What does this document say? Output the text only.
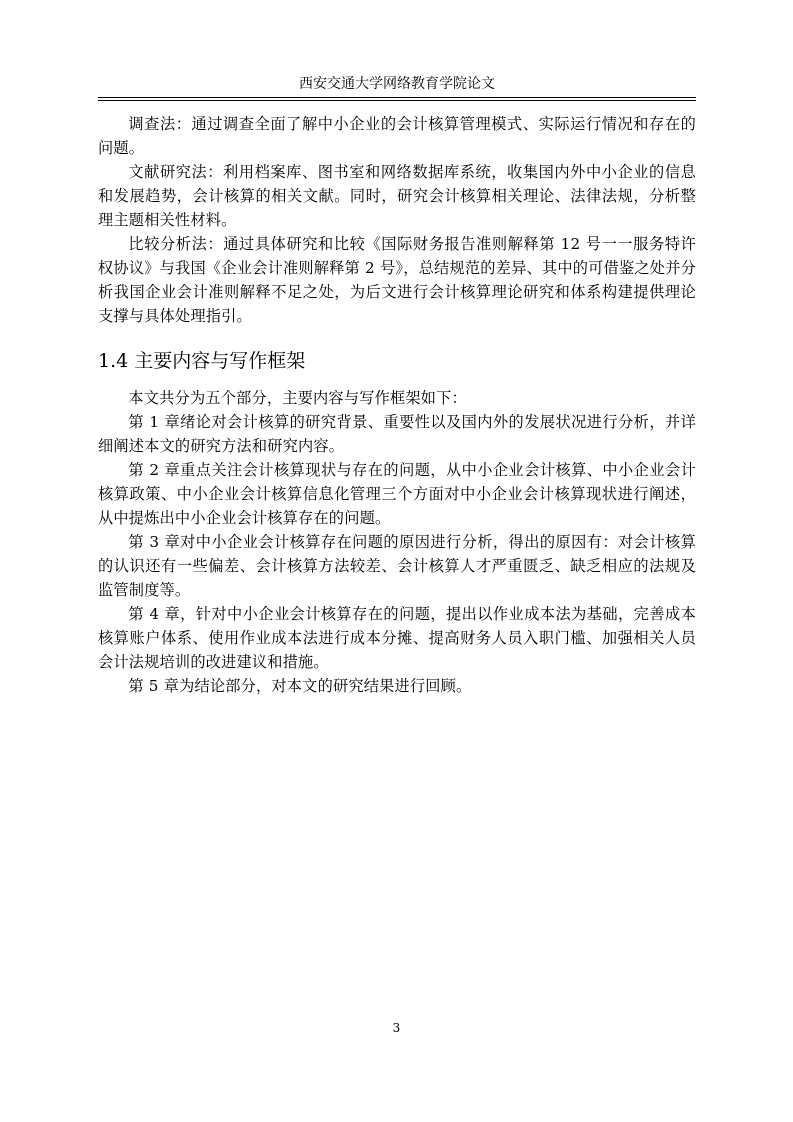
西安交通大学网络教育学院论文

调查法：通过调查全面了解中小企业的会计核算管理模式、实际运行情况和存在的问题。

文献研究法：利用档案库、图书室和网络数据库系统，收集国内外中小企业的信息和发展趋势，会计核算的相关文献。同时，研究会计核算相关理论、法律法规，分析整理主题相关性材料。

比较分析法：通过具体研究和比较《国际财务报告准则解释第 12 号一一服务特许权协议》与我国《企业会计准则解释第 2 号》，总结规范的差异、其中的可借鉴之处并分析我国企业会计准则解释不足之处，为后文进行会计核算理论研究和体系构建提供理论支撑与具体处理指引。

1.4 主要内容与写作框架

本文共分为五个部分，主要内容与写作框架如下：

第 1 章绪论对会计核算的研究背景、重要性以及国内外的发展状况进行分析，并详细阐述本文的研究方法和研究内容。

第 2 章重点关注会计核算现状与存在的问题，从中小企业会计核算、中小企业会计核算政策、中小企业会计核算信息化管理三个方面对中小企业会计核算现状进行阐述，从中提炼出中小企业会计核算存在的问题。

第 3 章对中小企业会计核算存在问题的原因进行分析，得出的原因有：对会计核算的认识还有一些偏差、会计核算方法较差、会计核算人才严重匮乏、缺乏相应的法规及监管制度等。

第 4 章，针对中小企业会计核算存在的问题，提出以作业成本法为基础，完善成本核算账户体系、使用作业成本法进行成本分摊、提高财务人员入职门槛、加强相关人员会计法规培训的改进建议和措施。

第 5 章为结论部分，对本文的研究结果进行回顾。

3
